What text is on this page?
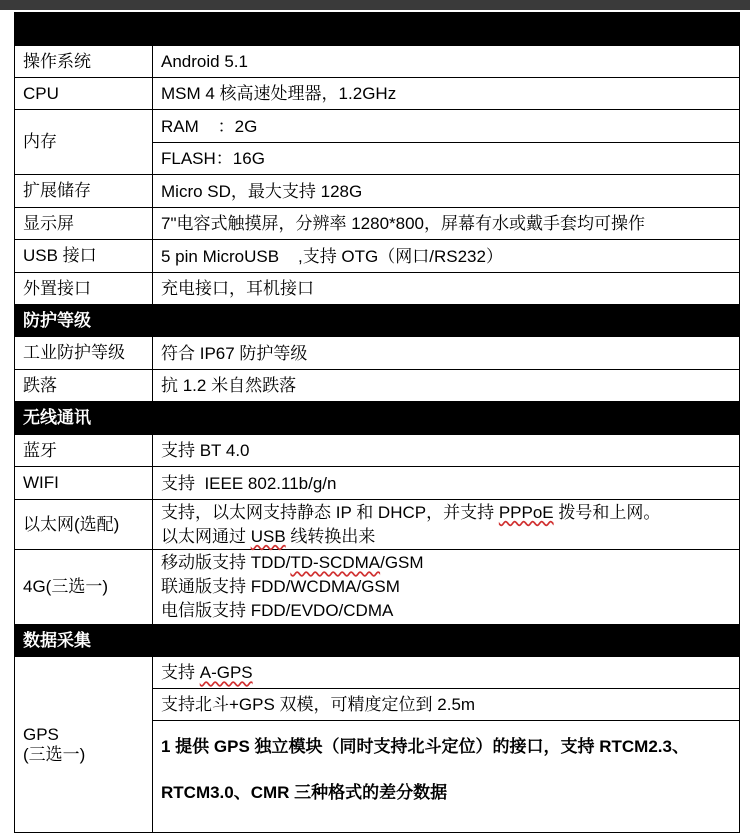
操作系统	Android 5.1
CPU	MSM 4 核高速处理器，1.2GHz
内存	RAM    ：2G
	FLASH：16G
扩展储存	Micro SD，最大支持 128G
显示屏	7"电容式触摸屏，分辨率 1280*800，屏幕有水或戴手套均可操作
USB 接口	5 pin MicroUSB    ,支持 OTG（网口/RS232）
外置接口	充电接口，耳机接口
防护等级	
工业防护等级	符合 IP67 防护等级
跌落	抗 1.2 米自然跌落
无线通讯	
蓝牙	支持 BT 4.0
WIFI	支持  IEEE 802.11b/g/n
以太网(选配)	支持，以太网支持静态 IP 和 DHCP，并支持 PPPoE 拨号和上网。
以太网通过 USB 线转换出来

4G(三选一)	移动版支持 TDD/TD-SCDMA/GSM
联通版支持 FDD/WCDMA/GSM
电信版支持 FDD/EVDO/CDMA

数据采集	

GPS
(三选一)	支持 A-GPS
	支持北斗+GPS 双模，可精度定位到 2.5m

	1 提供 GPS 独立模块（同时支持北斗定位）的接口，支持 RTCM2.3、
RTCM3.0、CMR 三种格式的差分数据
